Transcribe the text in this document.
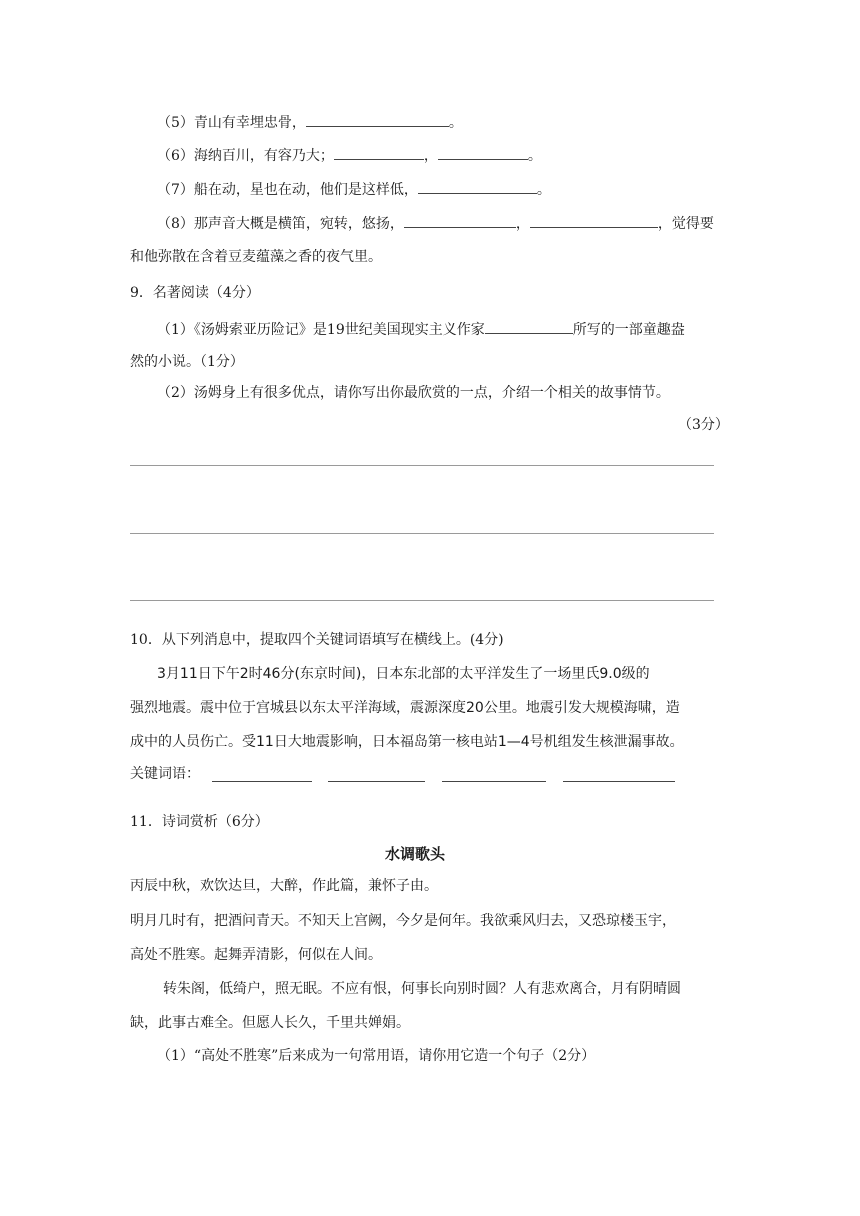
（5）青山有幸埋忠骨，	。
（6）海纳百川，有容乃大；	，	。
（7）船在动，星也在动，他们是这样低，	。
（8）那声音大概是横笛，宛转，悠扬，	，	，觉得要
和他弥散在含着豆麦蕴藻之香的夜气里。
9．名著阅读（4分）
（1）《汤姆索亚历险记》是19世纪美国现实主义作家	所写的一部童趣盎
然的小说。（1分）
（2）汤姆身上有很多优点，请你写出你最欣赏的一点，介绍一个相关的故事情节。
（3分）
10．从下列消息中，提取四个关键词语填写在横线上。(4分)
3月11日下午2时46分(东京时间)，日本东北部的太平洋发生了一场里氏9.0级的
强烈地震。震中位于宫城县以东太平洋海域，震源深度20公里。地震引发大规模海啸，造
成中的人员伤亡。受11日大地震影响，日本福岛第一核电站1—4号机组发生核泄漏事故。
关键词语：
11．诗词赏析（6分）
水调歌头
丙辰中秋，欢饮达旦，大醉，作此篇，兼怀子由。
明月几时有，把酒问青天。不知天上宫阙，今夕是何年。我欲乘风归去，又恐琼楼玉宇，
高处不胜寒。起舞弄清影，何似在人间。
转朱阁，低绮户，照无眠。不应有恨，何事长向别时圆？人有悲欢离合，月有阴晴圆
缺，此事古难全。但愿人长久，千里共婵娟。
（1）“高处不胜寒”后来成为一句常用语，请你用它造一个句子（2分）
